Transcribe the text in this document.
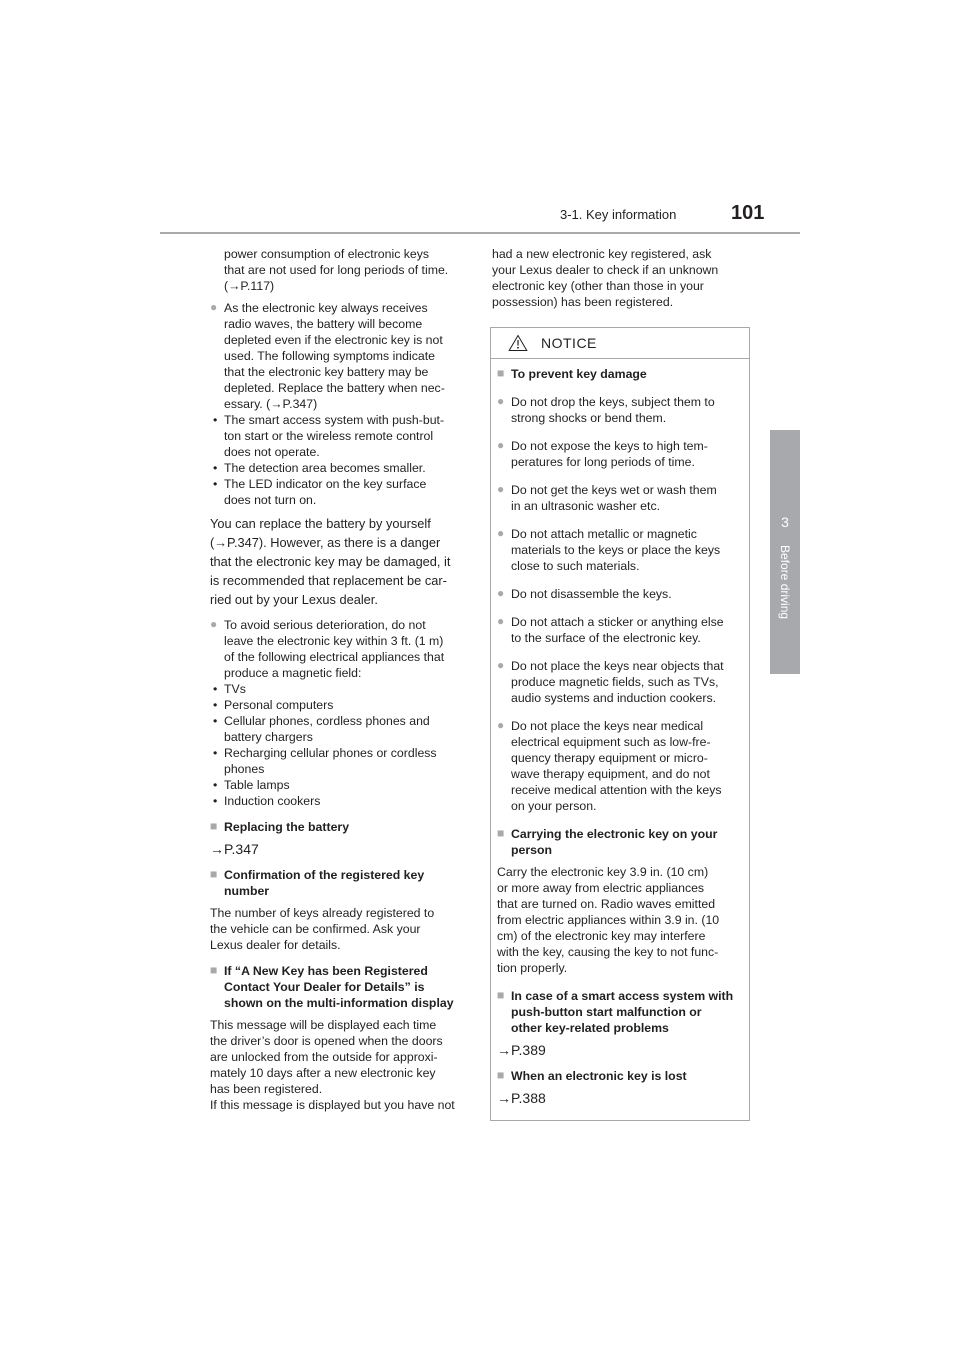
3-1. Key information	101
3
Before driving

power consumption of electronic keys
that are not used for long periods of time.
(→P.117)

● As the electronic key always receives
radio waves, the battery will become
depleted even if the electronic key is not
used. The following symptoms indicate
that the electronic key battery may be
depleted. Replace the battery when nec-
essary. (→P.347)

• The smart access system with push-but-
ton start or the wireless remote control
does not operate.

• The detection area becomes smaller.

• The LED indicator on the key surface
does not turn on.

You can replace the battery by yourself
(→P.347). However, as there is a danger
that the electronic key may be damaged, it
is recommended that replacement be car-
ried out by your Lexus dealer.

● To avoid serious deterioration, do not
leave the electronic key within 3 ft. (1 m)
of the following electrical appliances that
produce a magnetic field:

• TVs

• Personal computers

• Cellular phones, cordless phones and
battery chargers

• Recharging cellular phones or cordless
phones

• Table lamps

• Induction cookers

■ Replacing the battery

→P.347

■ Confirmation of the registered key
number

The number of keys already registered to
the vehicle can be confirmed. Ask your
Lexus dealer for details.

■ If “A New Key has been Registered
Contact Your Dealer for Details” is
shown on the multi-information display

This message will be displayed each time
the driver’s door is opened when the doors
are unlocked from the outside for approxi-
mately 10 days after a new electronic key
has been registered.
If this message is displayed but you have not

had a new electronic key registered, ask
your Lexus dealer to check if an unknown
electronic key (other than those in your
possession) has been registered.

NOTICE

■ To prevent key damage

● Do not drop the keys, subject them to
strong shocks or bend them.

● Do not expose the keys to high tem-
peratures for long periods of time.

● Do not get the keys wet or wash them
in an ultrasonic washer etc.

● Do not attach metallic or magnetic
materials to the keys or place the keys
close to such materials.

● Do not disassemble the keys.

● Do not attach a sticker or anything else
to the surface of the electronic key.

● Do not place the keys near objects that
produce magnetic fields, such as TVs,
audio systems and induction cookers.

● Do not place the keys near medical
electrical equipment such as low-fre-
quency therapy equipment or micro-
wave therapy equipment, and do not
receive medical attention with the keys
on your person.

■ Carrying the electronic key on your
person

Carry the electronic key 3.9 in. (10 cm)
or more away from electric appliances
that are turned on. Radio waves emitted
from electric appliances within 3.9 in. (10
cm) of the electronic key may interfere
with the key, causing the key to not func-
tion properly.

■ In case of a smart access system with
push-button start malfunction or
other key-related problems

→P.389

■ When an electronic key is lost

→P.388
